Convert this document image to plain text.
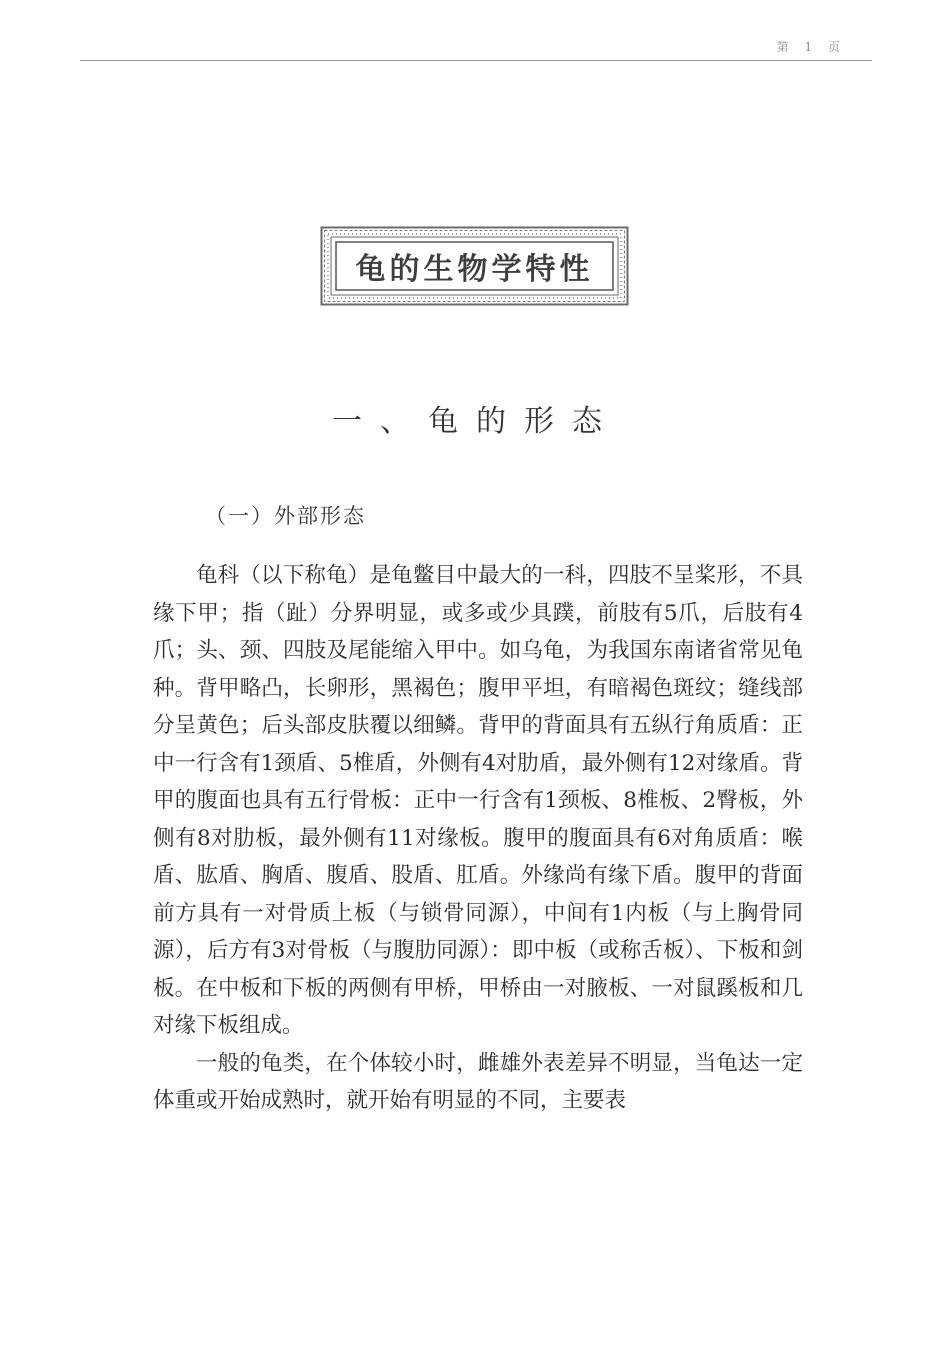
第 1 页
龟的生物学特性
一、龟的形态
（一）外部形态

龟科（以下称龟）是龟鳖目中最大的一科，四肢不呈桨形，不具缘下甲；指（趾）分界明显，或多或少具蹼，前肢有5爪，后肢有4爪；头、颈、四肢及尾能缩入甲中。如乌龟，为我国东南诸省常见龟种。背甲略凸，长卵形，黑褐色；腹甲平坦，有暗褐色斑纹；缝线部分呈黄色；后头部皮肤覆以细鳞。背甲的背面具有五纵行角质盾：正中一行含有1颈盾、5椎盾，外侧有4对肋盾，最外侧有12对缘盾。背甲的腹面也具有五行骨板：正中一行含有1颈板、8椎板、2臀板，外侧有8对肋板，最外侧有11对缘板。腹甲的腹面具有6对角质盾：喉盾、肱盾、胸盾、腹盾、股盾、肛盾。外缘尚有缘下盾。腹甲的背面前方具有一对骨质上板（与锁骨同源），中间有1内板（与上胸骨同源），后方有3对骨板（与腹肋同源）：即中板（或称舌板）、下板和剑板。在中板和下板的两侧有甲桥，甲桥由一对腋板、一对鼠蹊板和几对缘下板组成。

一般的龟类，在个体较小时，雌雄外表差异不明显，当龟达一定体重或开始成熟时，就开始有明显的不同，主要表
